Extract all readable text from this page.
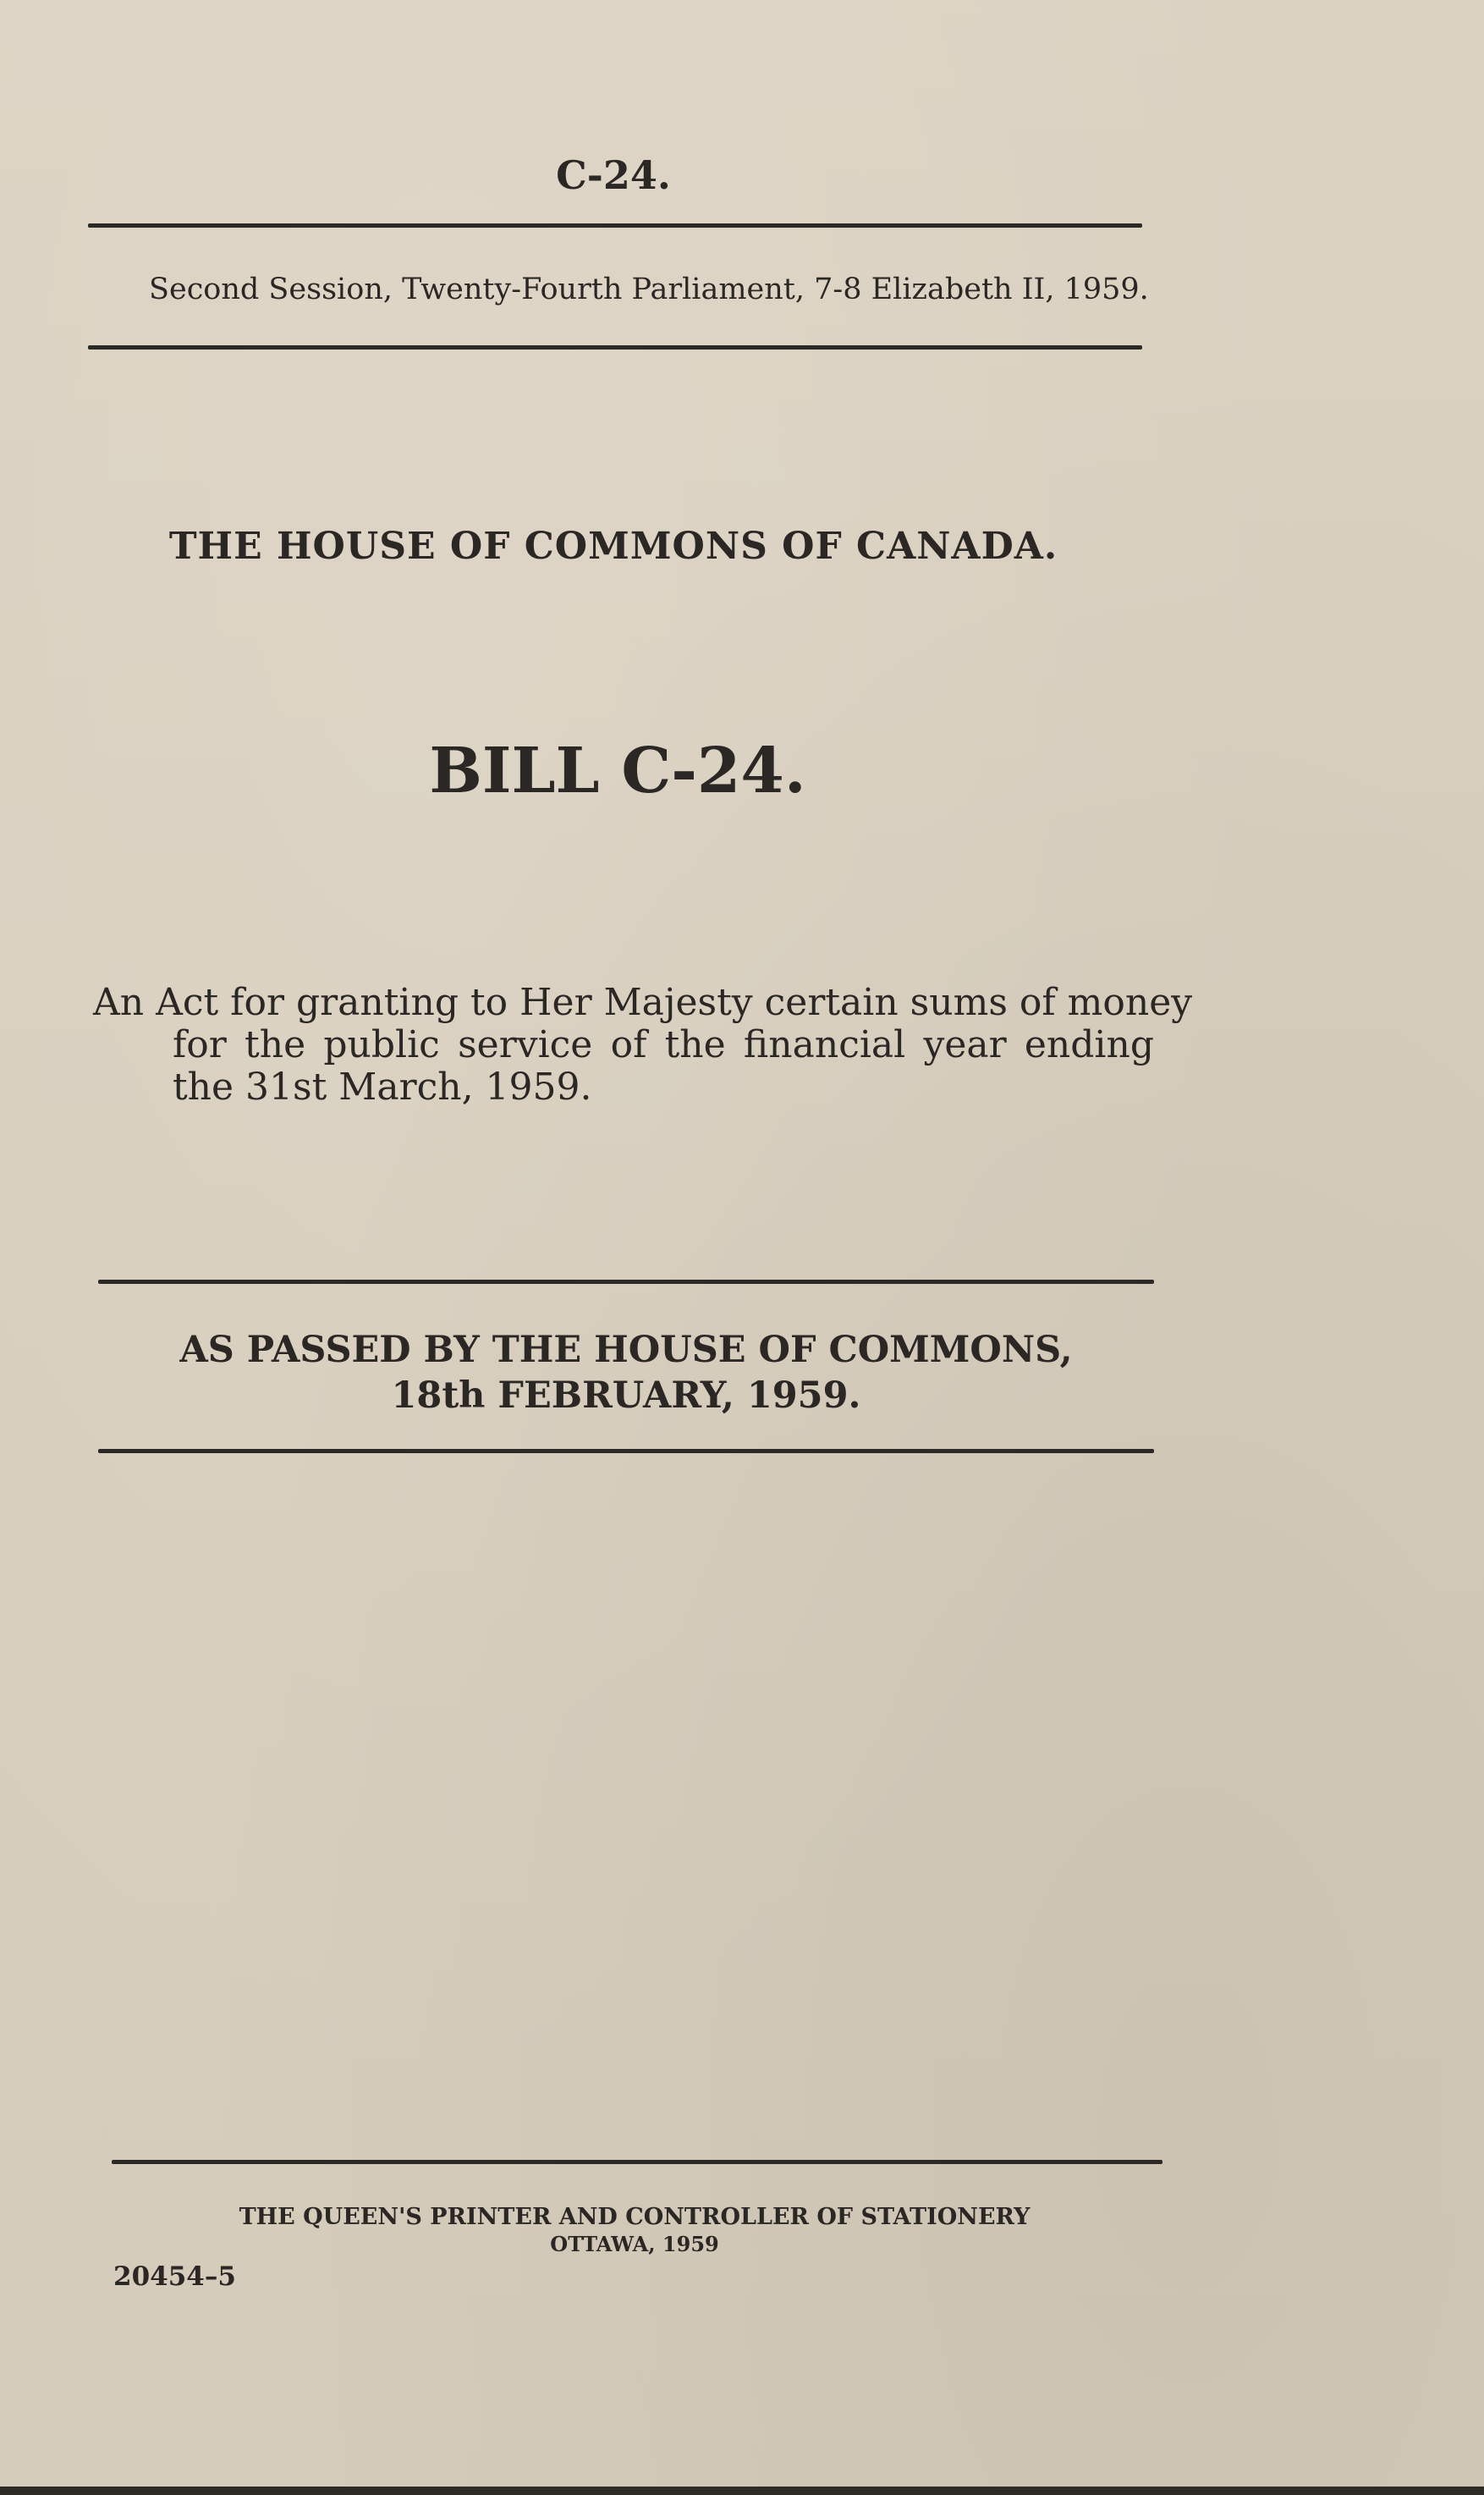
C-24.
Second Session, Twenty-Fourth Parliament, 7-8 Elizabeth II, 1959.
THE HOUSE OF COMMONS OF CANADA.
BILL C-24.
An Act for granting to Her Majesty certain sums of money
for the public service of the financial year ending
the 31st March, 1959.
AS PASSED BY THE HOUSE OF COMMONS,
18th FEBRUARY, 1959.
THE QUEEN'S PRINTER AND CONTROLLER OF STATIONERY
OTTAWA, 1959
20454–5
